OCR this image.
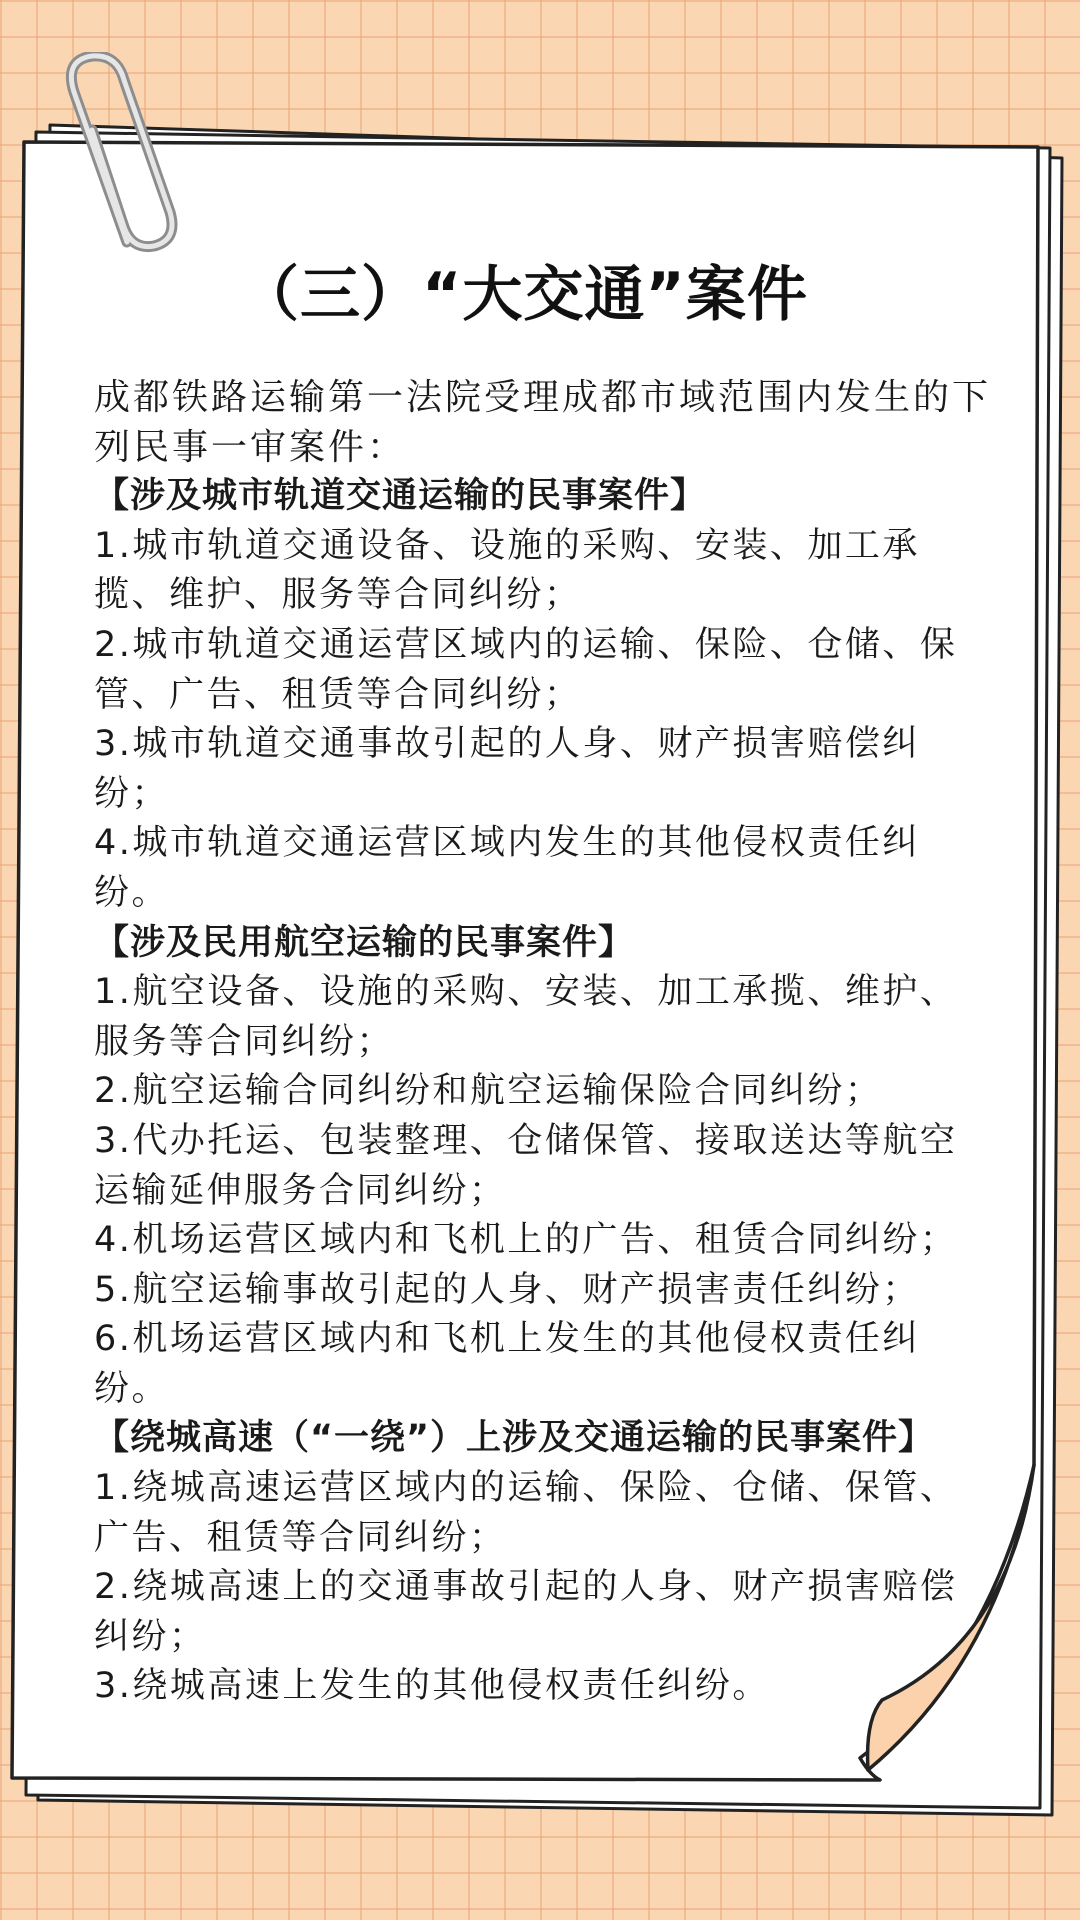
（三）“大交通”案件

成都铁路运输第一法院受理成都市域范围内发生的下列民事一审案件：

【涉及城市轨道交通运输的民事案件】

1.城市轨道交通设备、设施的采购、安装、加工承揽、维护、服务等合同纠纷；
2.城市轨道交通运营区域内的运输、保险、仓储、保管、广告、租赁等合同纠纷；
3.城市轨道交通事故引起的人身、财产损害赔偿纠纷；
4.城市轨道交通运营区域内发生的其他侵权责任纠纷。

【涉及民用航空运输的民事案件】

1.航空设备、设施的采购、安装、加工承揽、维护、服务等合同纠纷；
2.航空运输合同纠纷和航空运输保险合同纠纷；
3.代办托运、包装整理、仓储保管、接取送达等航空运输延伸服务合同纠纷；
4.机场运营区域内和飞机上的广告、租赁合同纠纷；
5.航空运输事故引起的人身、财产损害责任纠纷；
6.机场运营区域内和飞机上发生的其他侵权责任纠纷。

【绕城高速（“一绕”）上涉及交通运输的民事案件】

1.绕城高速运营区域内的运输、保险、仓储、保管、广告、租赁等合同纠纷；
2.绕城高速上的交通事故引起的人身、财产损害赔偿纠纷；
3.绕城高速上发生的其他侵权责任纠纷。
